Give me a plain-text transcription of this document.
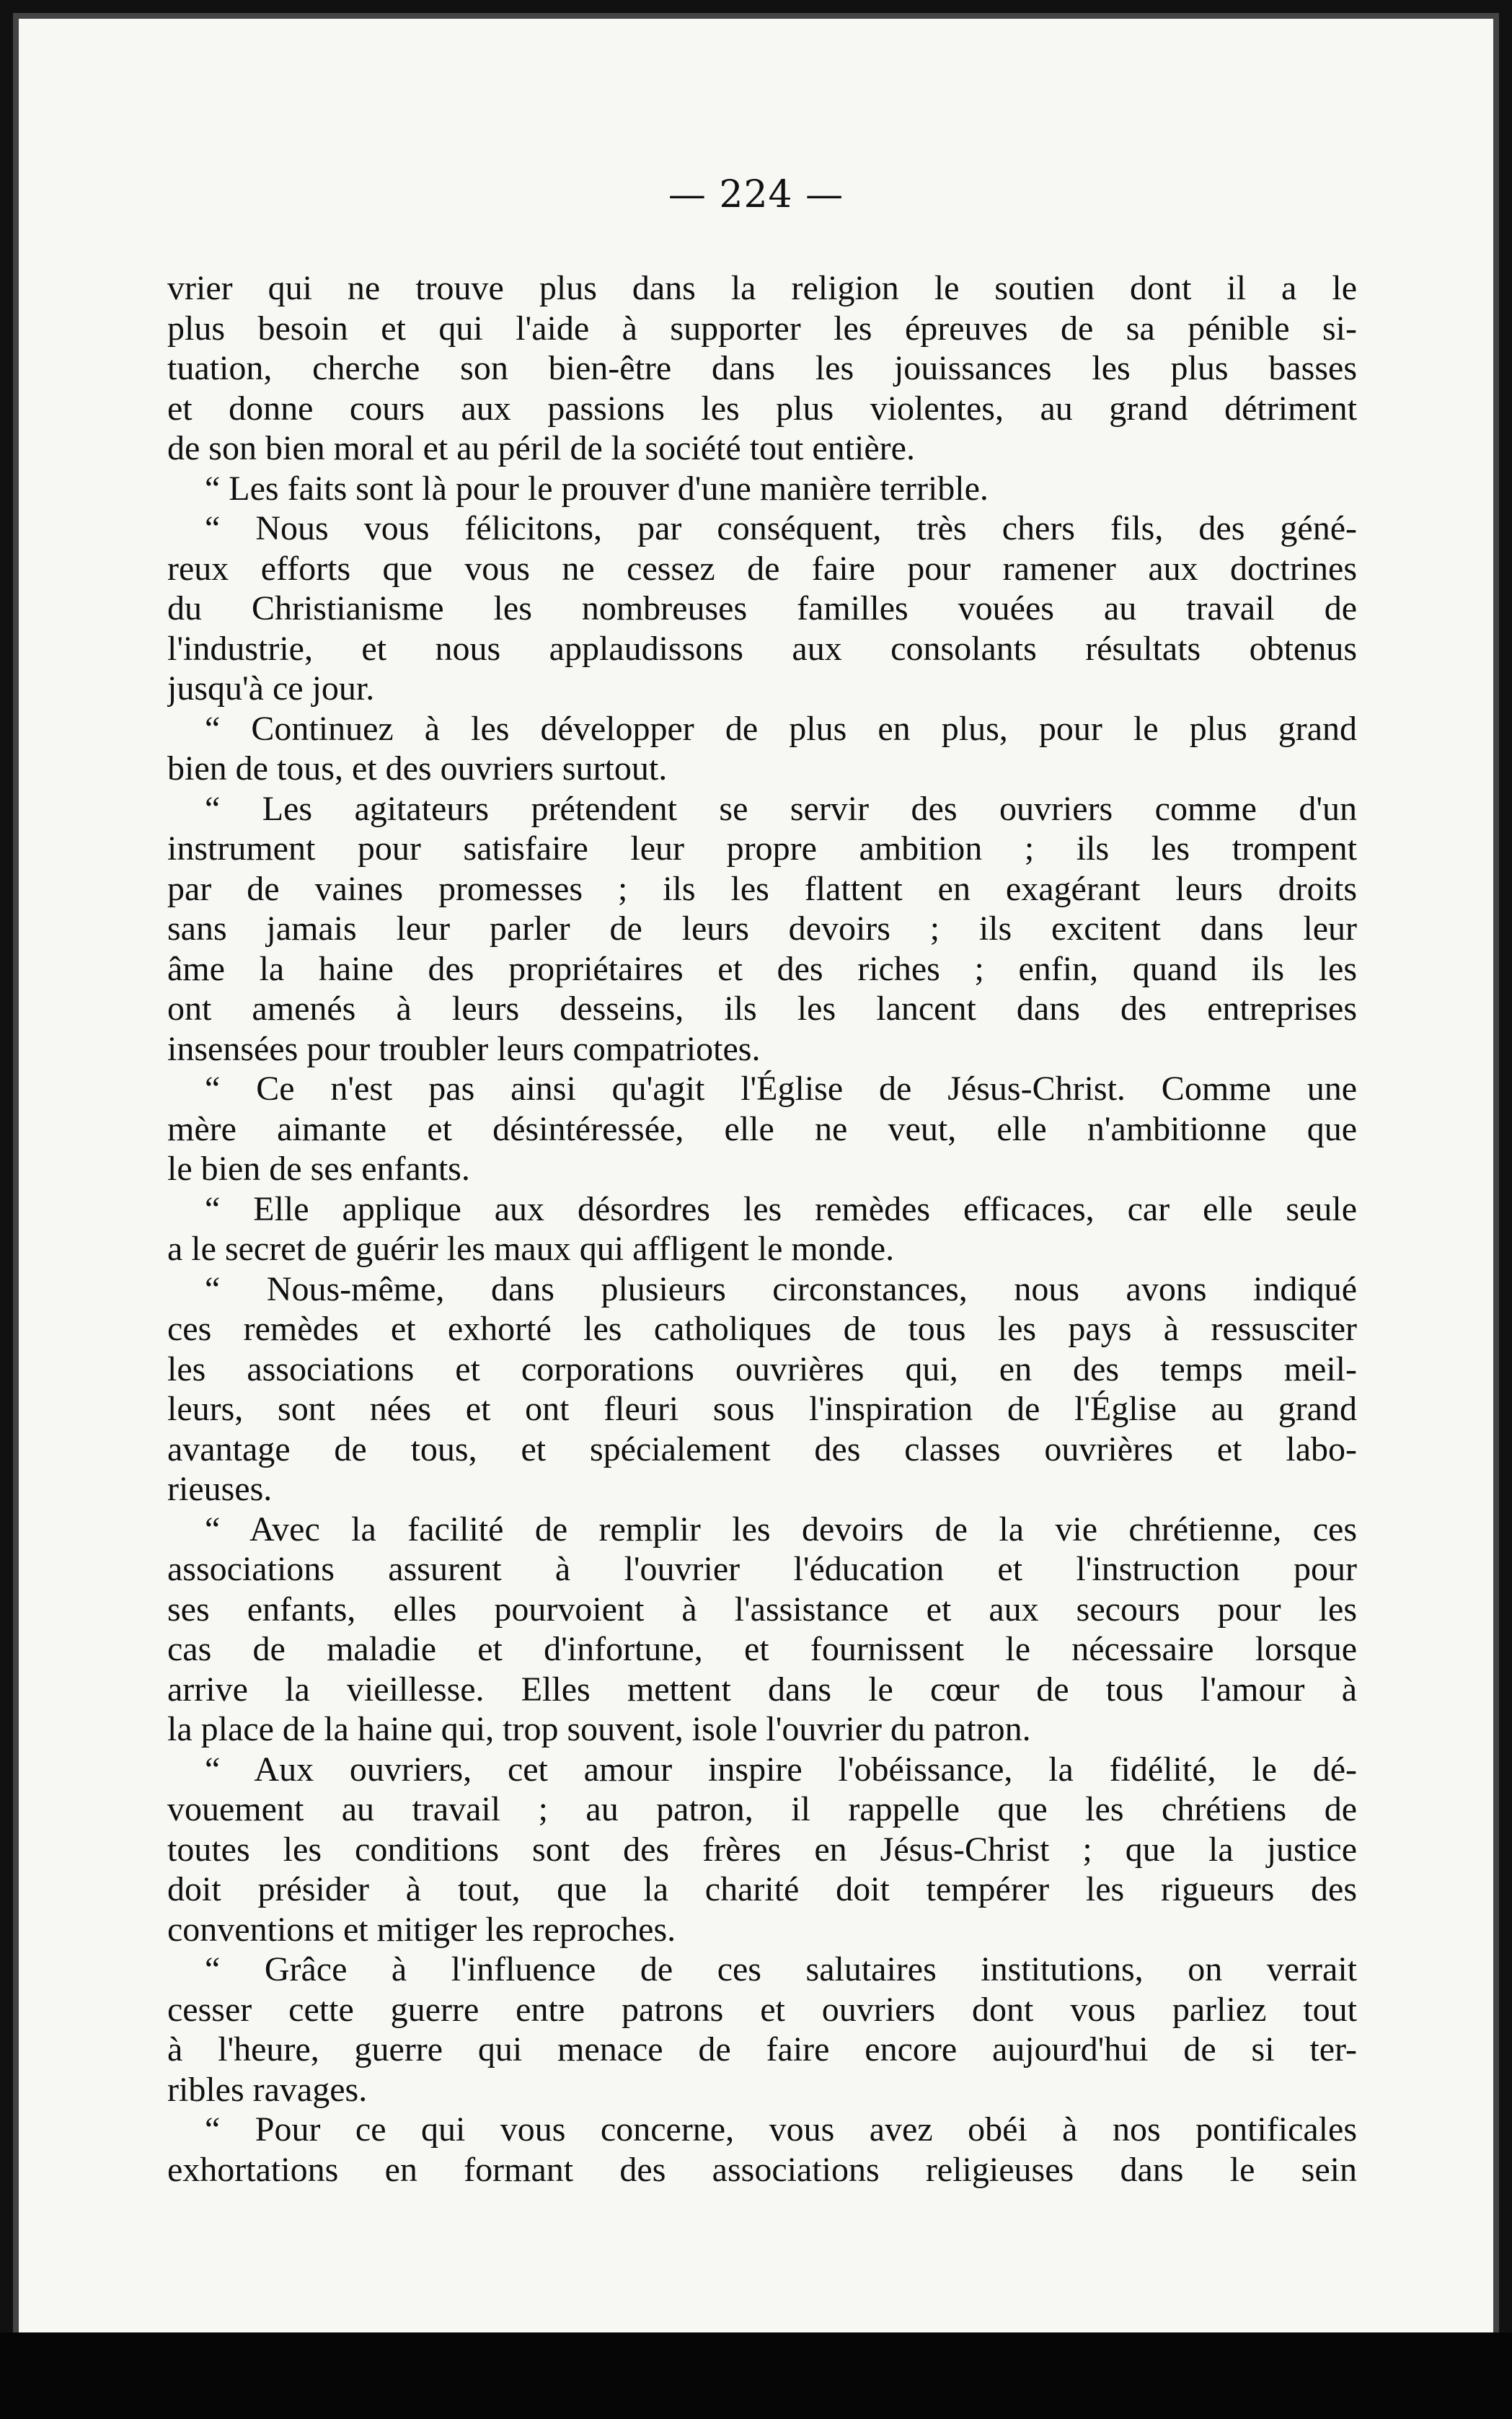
— 224 —
vrier qui ne trouve plus dans la religion le soutien dont il a le
plus besoin et qui l'aide à supporter les épreuves de sa pénible si-
tuation, cherche son bien-être dans les jouissances les plus basses
et donne cours aux passions les plus violentes, au grand détriment
de son bien moral et au péril de la société tout entière.
“ Les faits sont là pour le prouver d'une manière terrible.
“ Nous vous félicitons, par conséquent, très chers fils, des géné-
reux efforts que vous ne cessez de faire pour ramener aux doctrines
du Christianisme les nombreuses familles vouées au travail de
l'industrie, et nous applaudissons aux consolants résultats obtenus
jusqu'à ce jour.
“ Continuez à les développer de plus en plus, pour le plus grand
bien de tous, et des ouvriers surtout.
“ Les agitateurs prétendent se servir des ouvriers comme d'un
instrument pour satisfaire leur propre ambition ; ils les trompent
par de vaines promesses ; ils les flattent en exagérant leurs droits
sans jamais leur parler de leurs devoirs ; ils excitent dans leur
âme la haine des propriétaires et des riches ; enfin, quand ils les
ont amenés à leurs desseins, ils les lancent dans des entreprises
insensées pour troubler leurs compatriotes.
“ Ce n'est pas ainsi qu'agit l'Église de Jésus-Christ. Comme une
mère aimante et désintéressée, elle ne veut, elle n'ambitionne que
le bien de ses enfants.
“ Elle applique aux désordres les remèdes efficaces, car elle seule
a le secret de guérir les maux qui affligent le monde.
“ Nous-même, dans plusieurs circonstances, nous avons indiqué
ces remèdes et exhorté les catholiques de tous les pays à ressusciter
les associations et corporations ouvrières qui, en des temps meil-
leurs, sont nées et ont fleuri sous l'inspiration de l'Église au grand
avantage de tous, et spécialement des classes ouvrières et labo-
rieuses.
“ Avec la facilité de remplir les devoirs de la vie chrétienne, ces
associations assurent à l'ouvrier l'éducation et l'instruction pour
ses enfants, elles pourvoient à l'assistance et aux secours pour les
cas de maladie et d'infortune, et fournissent le nécessaire lorsque
arrive la vieillesse. Elles mettent dans le cœur de tous l'amour à
la place de la haine qui, trop souvent, isole l'ouvrier du patron.
“ Aux ouvriers, cet amour inspire l'obéissance, la fidélité, le dé-
vouement au travail ; au patron, il rappelle que les chrétiens de
toutes les conditions sont des frères en Jésus-Christ ; que la justice
doit présider à tout, que la charité doit tempérer les rigueurs des
conventions et mitiger les reproches.
“ Grâce à l'influence de ces salutaires institutions, on verrait
cesser cette guerre entre patrons et ouvriers dont vous parliez tout
à l'heure, guerre qui menace de faire encore aujourd'hui de si ter-
ribles ravages.
“ Pour ce qui vous concerne, vous avez obéi à nos pontificales
exhortations en formant des associations religieuses dans le sein
